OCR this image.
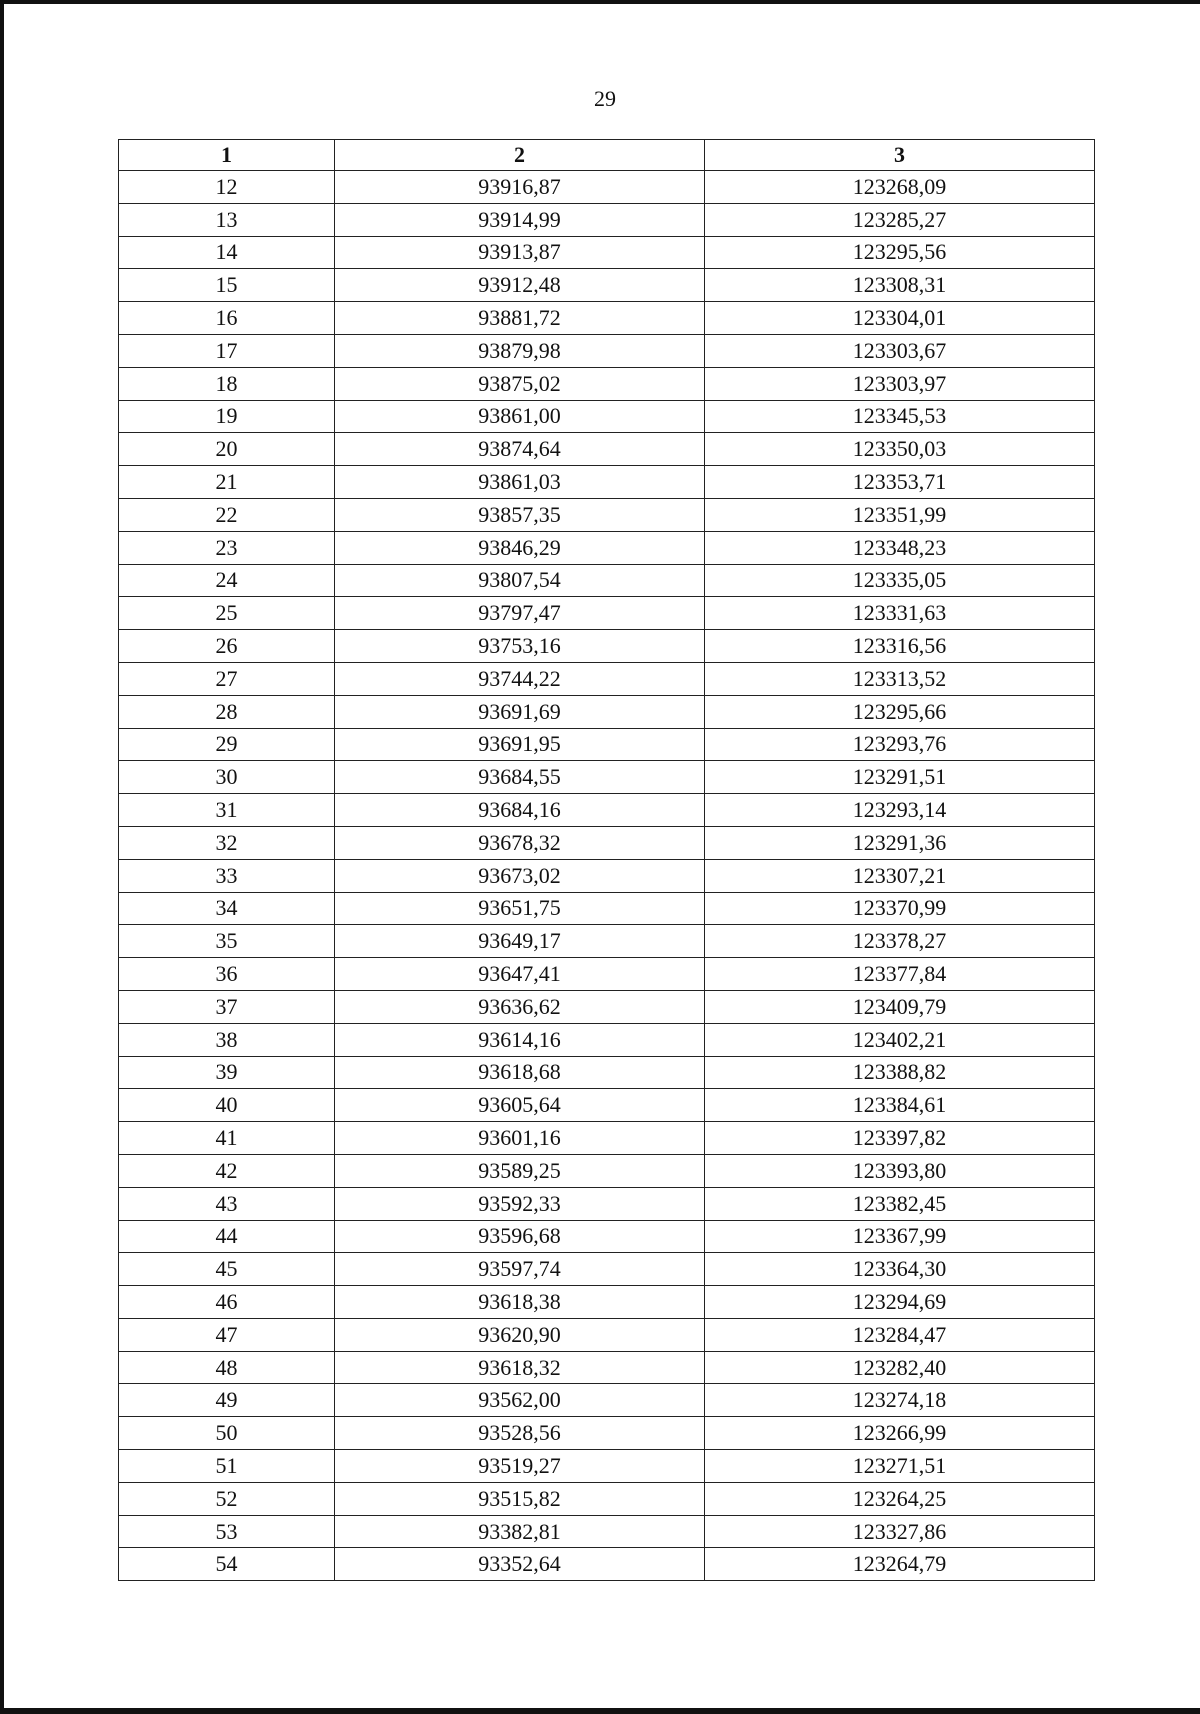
29
1	2	3
12	93916,87	123268,09
13	93914,99	123285,27
14	93913,87	123295,56
15	93912,48	123308,31
16	93881,72	123304,01
17	93879,98	123303,67
18	93875,02	123303,97
19	93861,00	123345,53
20	93874,64	123350,03
21	93861,03	123353,71
22	93857,35	123351,99
23	93846,29	123348,23
24	93807,54	123335,05
25	93797,47	123331,63
26	93753,16	123316,56
27	93744,22	123313,52
28	93691,69	123295,66
29	93691,95	123293,76
30	93684,55	123291,51
31	93684,16	123293,14
32	93678,32	123291,36
33	93673,02	123307,21
34	93651,75	123370,99
35	93649,17	123378,27
36	93647,41	123377,84
37	93636,62	123409,79
38	93614,16	123402,21
39	93618,68	123388,82
40	93605,64	123384,61
41	93601,16	123397,82
42	93589,25	123393,80
43	93592,33	123382,45
44	93596,68	123367,99
45	93597,74	123364,30
46	93618,38	123294,69
47	93620,90	123284,47
48	93618,32	123282,40
49	93562,00	123274,18
50	93528,56	123266,99
51	93519,27	123271,51
52	93515,82	123264,25
53	93382,81	123327,86
54	93352,64	123264,79
